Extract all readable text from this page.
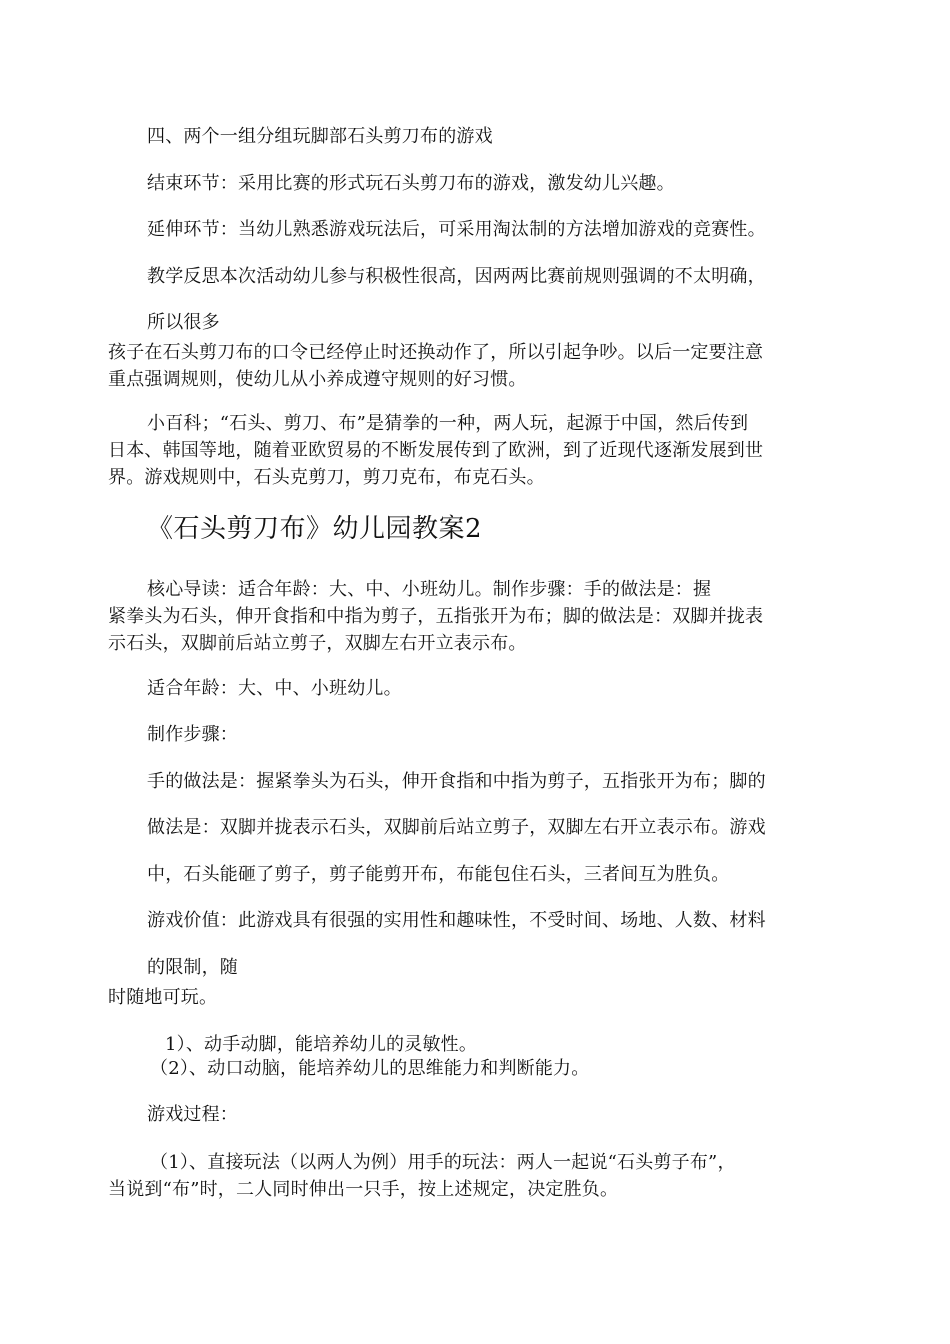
四、两个一组分组玩脚部石头剪刀布的游戏
结束环节：采用比赛的形式玩石头剪刀布的游戏，激发幼儿兴趣。
延伸环节：当幼儿熟悉游戏玩法后，可采用淘汰制的方法增加游戏的竞赛性。
教学反思本次活动幼儿参与积极性很高，因两两比赛前规则强调的不太明确，
所以很多
孩子在石头剪刀布的口令已经停止时还换动作了，所以引起争吵。以后一定要注意
重点强调规则，使幼儿从小养成遵守规则的好习惯。
小百科；“石头、剪刀、布”是猜拳的一种，两人玩，起源于中国，然后传到
日本、韩国等地，随着亚欧贸易的不断发展传到了欧洲，到了近现代逐渐发展到世
界。游戏规则中，石头克剪刀，剪刀克布，布克石头。
《石头剪刀布》幼儿园教案2
核心导读：适合年龄：大、中、小班幼儿。制作步骤：手的做法是：握
紧拳头为石头，伸开食指和中指为剪子，五指张开为布；脚的做法是：双脚并拢表
示石头，双脚前后站立剪子，双脚左右开立表示布。
适合年龄：大、中、小班幼儿。
制作步骤：
手的做法是：握紧拳头为石头，伸开食指和中指为剪子，五指张开为布；脚的
做法是：双脚并拢表示石头，双脚前后站立剪子，双脚左右开立表示布。游戏
中，石头能砸了剪子，剪子能剪开布，布能包住石头，三者间互为胜负。
游戏价值：此游戏具有很强的实用性和趣味性，不受时间、场地、人数、材料
的限制，随
时随地可玩。
1）、动手动脚，能培养幼儿的灵敏性。
（2）、动口动脑，能培养幼儿的思维能力和判断能力。
游戏过程：
（1）、直接玩法（以两人为例）用手的玩法：两人一起说“石头剪子布”，
当说到“布”时，二人同时伸出一只手，按上述规定，决定胜负。
